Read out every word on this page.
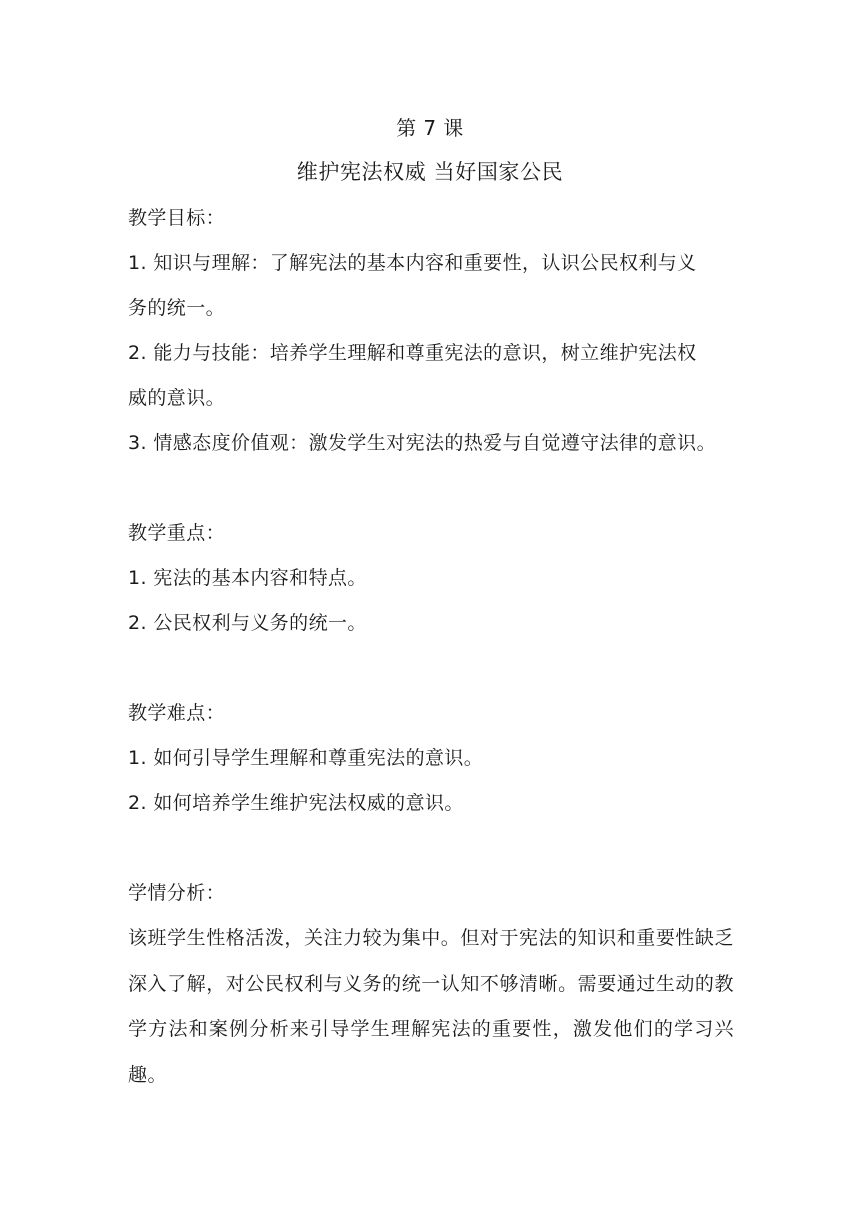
第 7 课
维护宪法权威 当好国家公民
教学目标：
1. 知识与理解：了解宪法的基本内容和重要性，认识公民权利与义
务的统一。
2. 能力与技能：培养学生理解和尊重宪法的意识，树立维护宪法权
威的意识。
3. 情感态度价值观：激发学生对宪法的热爱与自觉遵守法律的意识。
教学重点：
1. 宪法的基本内容和特点。
2. 公民权利与义务的统一。
教学难点：
1. 如何引导学生理解和尊重宪法的意识。
2. 如何培养学生维护宪法权威的意识。
学情分析：
该班学生性格活泼，关注力较为集中。但对于宪法的知识和重要性缺乏深入了解，对公民权利与义务的统一认知不够清晰。需要通过生动的教学方法和案例分析来引导学生理解宪法的重要性，激发他们的学习兴趣。
